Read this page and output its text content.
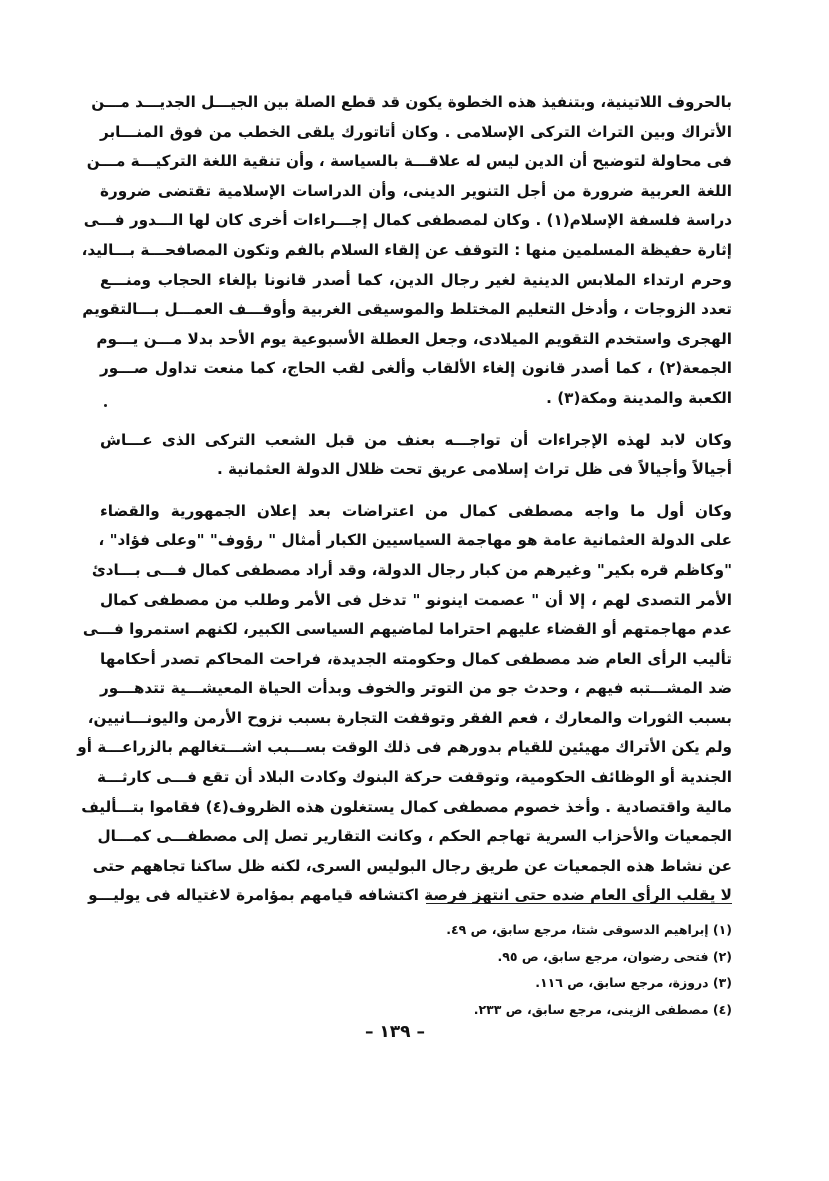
بالحروف اللاتينية، وبتنفيذ هذه الخطوة يكون قد قطع الصلة بين الجيـــل الجديـــد مـــن
الأتراك وبين التراث التركى الإسلامى . وكان أتاتورك يلقى الخطب من فوق المنـــابر
فى محاولة لتوضيح أن الدين ليس له علاقـــة بالسياسة ، وأن تنقية اللغة التركيـــة مـــن
اللغة العربية ضرورة من أجل التنوير الدينى، وأن الدراسات الإسلامية تقتضى ضرورة
دراسة فلسفة الإسلام(١) . وكان لمصطفى كمال إجـــراءات أخرى كان لها الـــدور فـــى
إثارة حفيظة المسلمين منها : التوقف عن إلقاء السلام بالفم وتكون المصافحـــة بـــاليد،
وحرم ارتداء الملابس الدينية لغير رجال الدين، كما أصدر قانونا بإلغاء الحجاب ومنـــع
تعدد الزوجات ، وأدخل التعليم المختلط والموسيقى الغربية وأوقـــف العمـــل بـــالتقويم
الهجرى واستخدم التقويم الميلادى، وجعل العطلة الأسبوعية يوم الأحد بدلا مـــن يـــوم
الجمعة(٢) ، كما أصدر قانون إلغاء الألقاب وألغى لقب الحاج، كما منعت تداول صـــور
الكعبة والمدينة ومكة(٣) .

وكان لابد لهذه الإجراءات أن تواجـــه بعنف من قبل الشعب التركى الذى عـــاش
أجيالاً وأجيالاً فى ظل تراث إسلامى عريق تحت ظلال الدولة العثمانية .

وكان أول ما واجه مصطفى كمال من اعتراضات بعد إعلان الجمهورية والقضاء
على الدولة العثمانية عامة هو مهاجمة السياسيين الكبار أمثال " رؤوف" "وعلى فؤاد" ،
"وكاظم قره بكير" وغيرهم من كبار رجال الدولة، وقد أراد مصطفى كمال فـــى بـــادئ
الأمر التصدى لهم ، إلا أن " عصمت اينونو " تدخل فى الأمر وطلب من مصطفى كمال
عدم مهاجمتهم أو القضاء عليهم احتراما لماضيهم السياسى الكبير، لكنهم استمروا فـــى
تأليب الرأى العام ضد مصطفى كمال وحكومته الجديدة، فراحت المحاكم تصدر أحكامها
ضد المشـــتبه فيهم ، وحدث جو من التوتر والخوف وبدأت الحياة المعيشـــية تتدهـــور
بسبب الثورات والمعارك ، فعم الفقر وتوقفت التجارة بسبب نزوح الأرمن واليونـــانيين،
ولم يكن الأتراك مهيئين للقيام بدورهم فى ذلك الوقت بســـبب اشـــتغالهم بالزراعـــة أو
الجندية أو الوظائف الحكومية، وتوقفت حركة البنوك وكادت البلاد أن تقع فـــى كارثـــة
مالية واقتصادية . وأخذ خصوم مصطفى كمال يستغلون هذه الظروف(٤) فقاموا بتـــأليف
الجمعيات والأحزاب السرية تهاجم الحكم ، وكانت التقارير تصل إلى مصطفـــى كمـــال
عن نشاط هذه الجمعيات عن طريق رجال البوليس السرى، لكنه ظل ساكنا تجاههم حتى
لا يقلب الرأى العام ضده حتى انتهز فرصة اكتشافه قيامهم بمؤامرة لاغتياله فى يوليـــو

(١) إبراهيم الدسوقى شتا، مرجع سابق، ص ٤٩.
(٢) فتحى رضوان، مرجع سابق، ص ٩٥.
(٣) دروزة، مرجع سابق، ص ١١٦.
(٤) مصطفى الزينى، مرجع سابق، ص ٢٣٣.
– ١٣٩ –
